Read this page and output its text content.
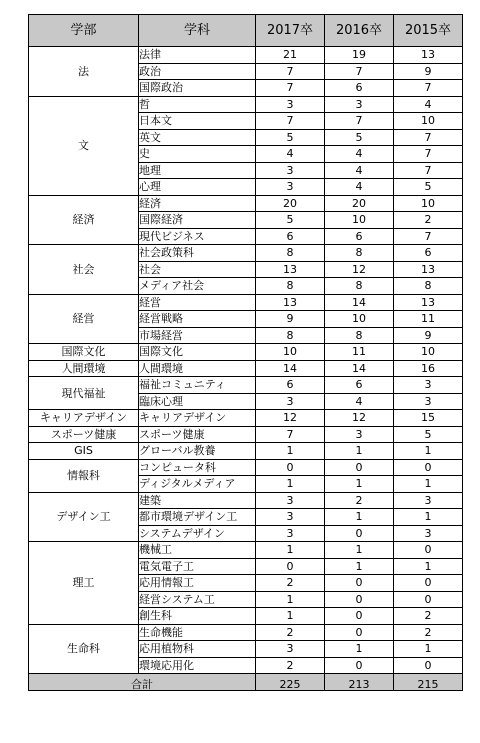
学部	学科	2017卒	2016卒	2015卒
法	法律	21	19	13
	政治	7	7	9
	国際政治	7	6	7
文	哲	3	3	4
	日本文	7	7	10
	英文	5	5	7
	史	4	4	7
	地理	3	4	7
	心理	3	4	5
経済	経済	20	20	10
	国際経済	5	10	2
	現代ビジネス	6	6	7
社会	社会政策科	8	8	6
	社会	13	12	13
	メディア社会	8	8	8
経営	経営	13	14	13
	経営戦略	9	10	11
	市場経営	8	8	9
国際文化	国際文化	10	11	10
人間環境	人間環境	14	14	16
現代福祉	福祉コミュニティ	6	6	3
	臨床心理	3	4	3
キャリアデザイン	キャリアデザイン	12	12	15
スポーツ健康	スポーツ健康	7	3	5
GIS	グローバル教養	1	1	1
情報科	コンピュータ科	0	0	0
	ディジタルメディア	1	1	1
デザイン工	建築	3	2	3
	都市環境デザイン工	3	1	1
	システムデザイン	3	0	3
理工	機械工	1	1	0
	電気電子工	0	1	1
	応用情報工	2	0	0
	経営システム工	1	0	0
	創生科	1	0	2
生命科	生命機能	2	0	2
	応用植物科	3	1	1
	環境応用化	2	0	0
合計		225	213	215
